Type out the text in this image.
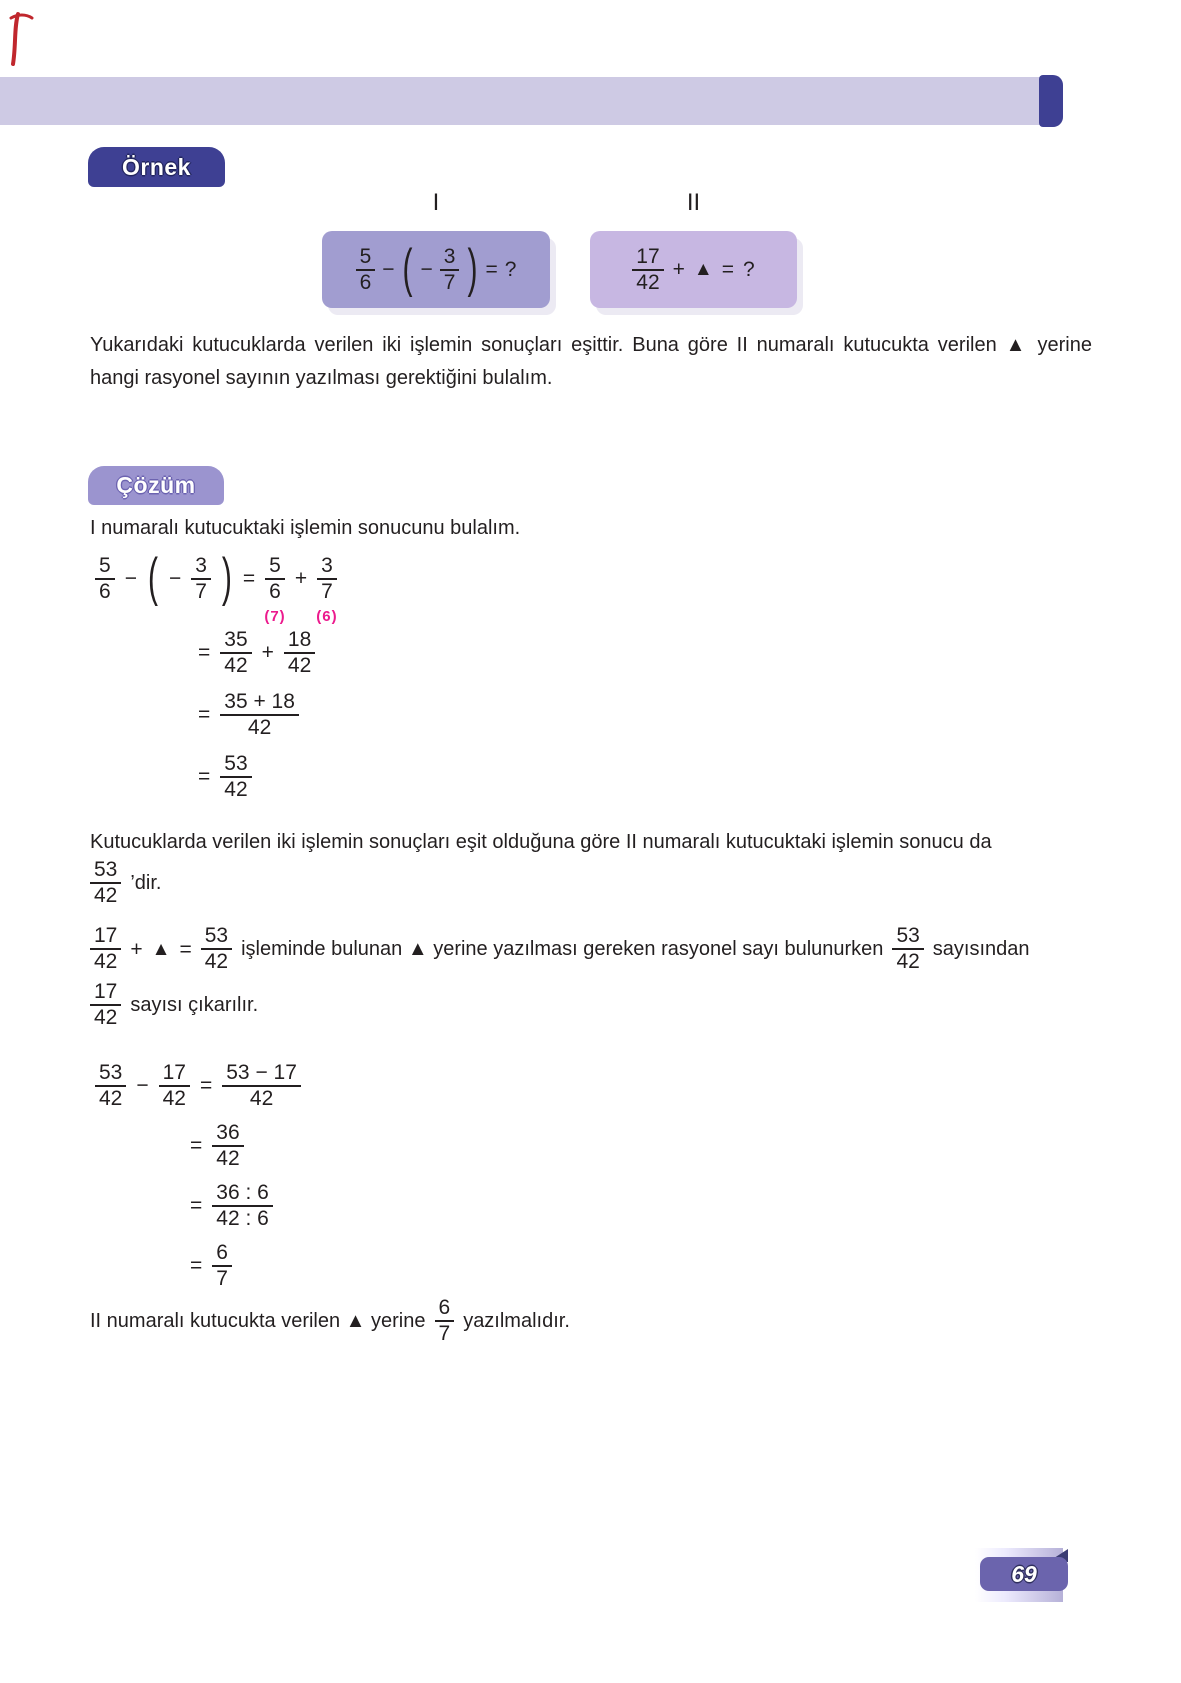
Örnek
I	II
$\frac{5}{6}$ − ( − $\frac{3}{7}$ ) = ?	$\frac{17}{42}$ + ▲ = ?

Yukarıdaki kutucuklarda verilen iki işlemin sonuçları eşittir. Buna göre II numaralı kutucukta verilen ▲ yerine hangi rasyonel sayının yazılması gerektiğini bulalım.

Çözüm

I numaralı kutucuktaki işlemin sonucunu bulalım.

$\frac{5}{6}$ − ( − $\frac{3}{7}$ ) =
5
6
(7)
+
3
7
(6)
= $\frac{35}{42} + \frac{18}{42}$
= $\frac{35 + 18}{42}$
= $\frac{53}{42}$
Kutucuklarda verilen iki işlemin sonuçları eşit olduğuna göre II numaralı kutucuktaki işlemin sonucu da
$\frac{53}{42}$ ’dir.
$\frac{17}{42}$ + ▲ = $\frac{53}{42}$ işleminde bulunan ▲ yerine yazılması gereken rasyonel sayı bulunurken $\frac{53}{42}$ sayısından
$\frac{17}{42}$ sayısı çıkarılır.
$\frac{53}{42} - \frac{17}{42} = \frac{53 - 17}{42}$
= $\frac{36}{42}$
= $\frac{36 : 6}{42 : 6}$
= $\frac{6}{7}$
II numaralı kutucukta verilen ▲ yerine $\frac{6}{7}$ yazılmalıdır.
69
